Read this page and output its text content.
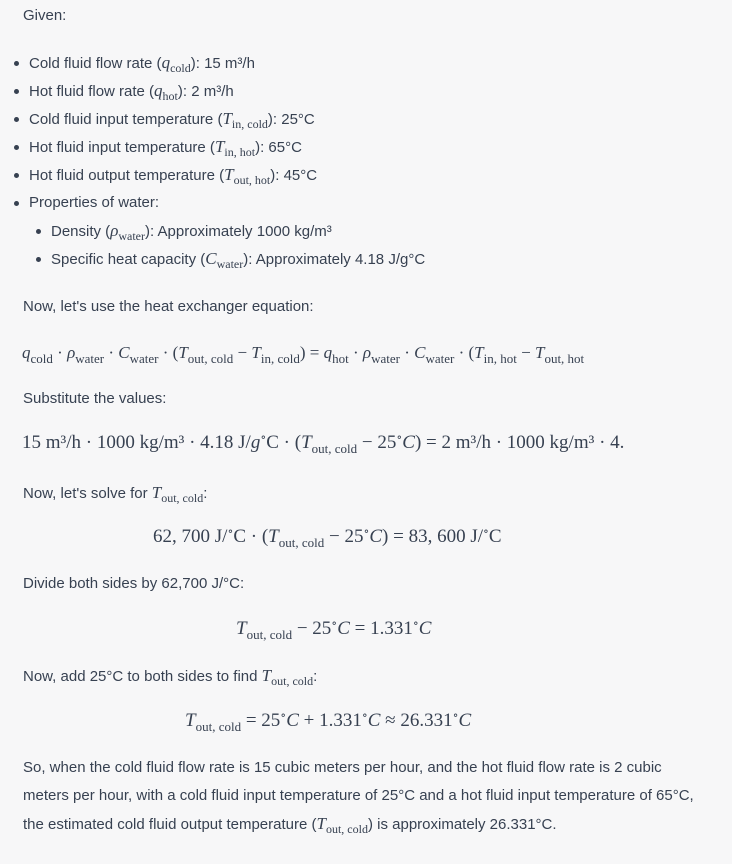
Given:
Cold fluid flow rate $(q_{cold})$: 15 m³/h
Hot fluid flow rate $(q_{hot})$: 2 m³/h
Cold fluid input temperature $(T_{in, cold})$: 25°C
Hot fluid input temperature $(T_{in, hot})$: 65°C
Hot fluid output temperature $(T_{out, hot})$: 45°C
Properties of water:
Density $(\rho_{water})$: Approximately 1000 kg/m³
Specific heat capacity $(C_{water})$: Approximately 4.18 J/g°C
Now, let's use the heat exchanger equation:
$q_{cold} \cdot \rho_{water} \cdot C_{water} \cdot (T_{out, cold} - T_{in, cold}) = q_{hot} \cdot \rho_{water} \cdot C_{water} \cdot (T_{in, hot} - T_{out, hot}$
Substitute the values:
15 m³/h · 1000 kg/m³ · 4.18 $J/g^\circ C \cdot (T_{out, cold} - 25^\circ C) = 2$ m³/h · 1000 kg/m³ · 4.
Now, let's solve for $T_{out, cold}$:
62, 700 $J/^\circ C \cdot (T_{out, cold} - 25^\circ C) = 83$, 600 J/∘C
Divide both sides by 62,700 J/°C:
$T_{out, cold} - 25^\circ C = 1.331^\circ C$
Now, add 25°C to both sides to find $T_{out, cold}$:
$T_{out, cold} = 25^\circ C + 1.331^\circ C \approx 26.331^\circ C$
So, when the cold fluid flow rate is 15 cubic meters per hour, and the hot fluid flow rate is 2 cubic meters per hour, with a cold fluid input temperature of 25°C and a hot fluid input temperature of 65°C, the estimated cold fluid output temperature $(T_{out, cold})$ is approximately 26.331°C.
